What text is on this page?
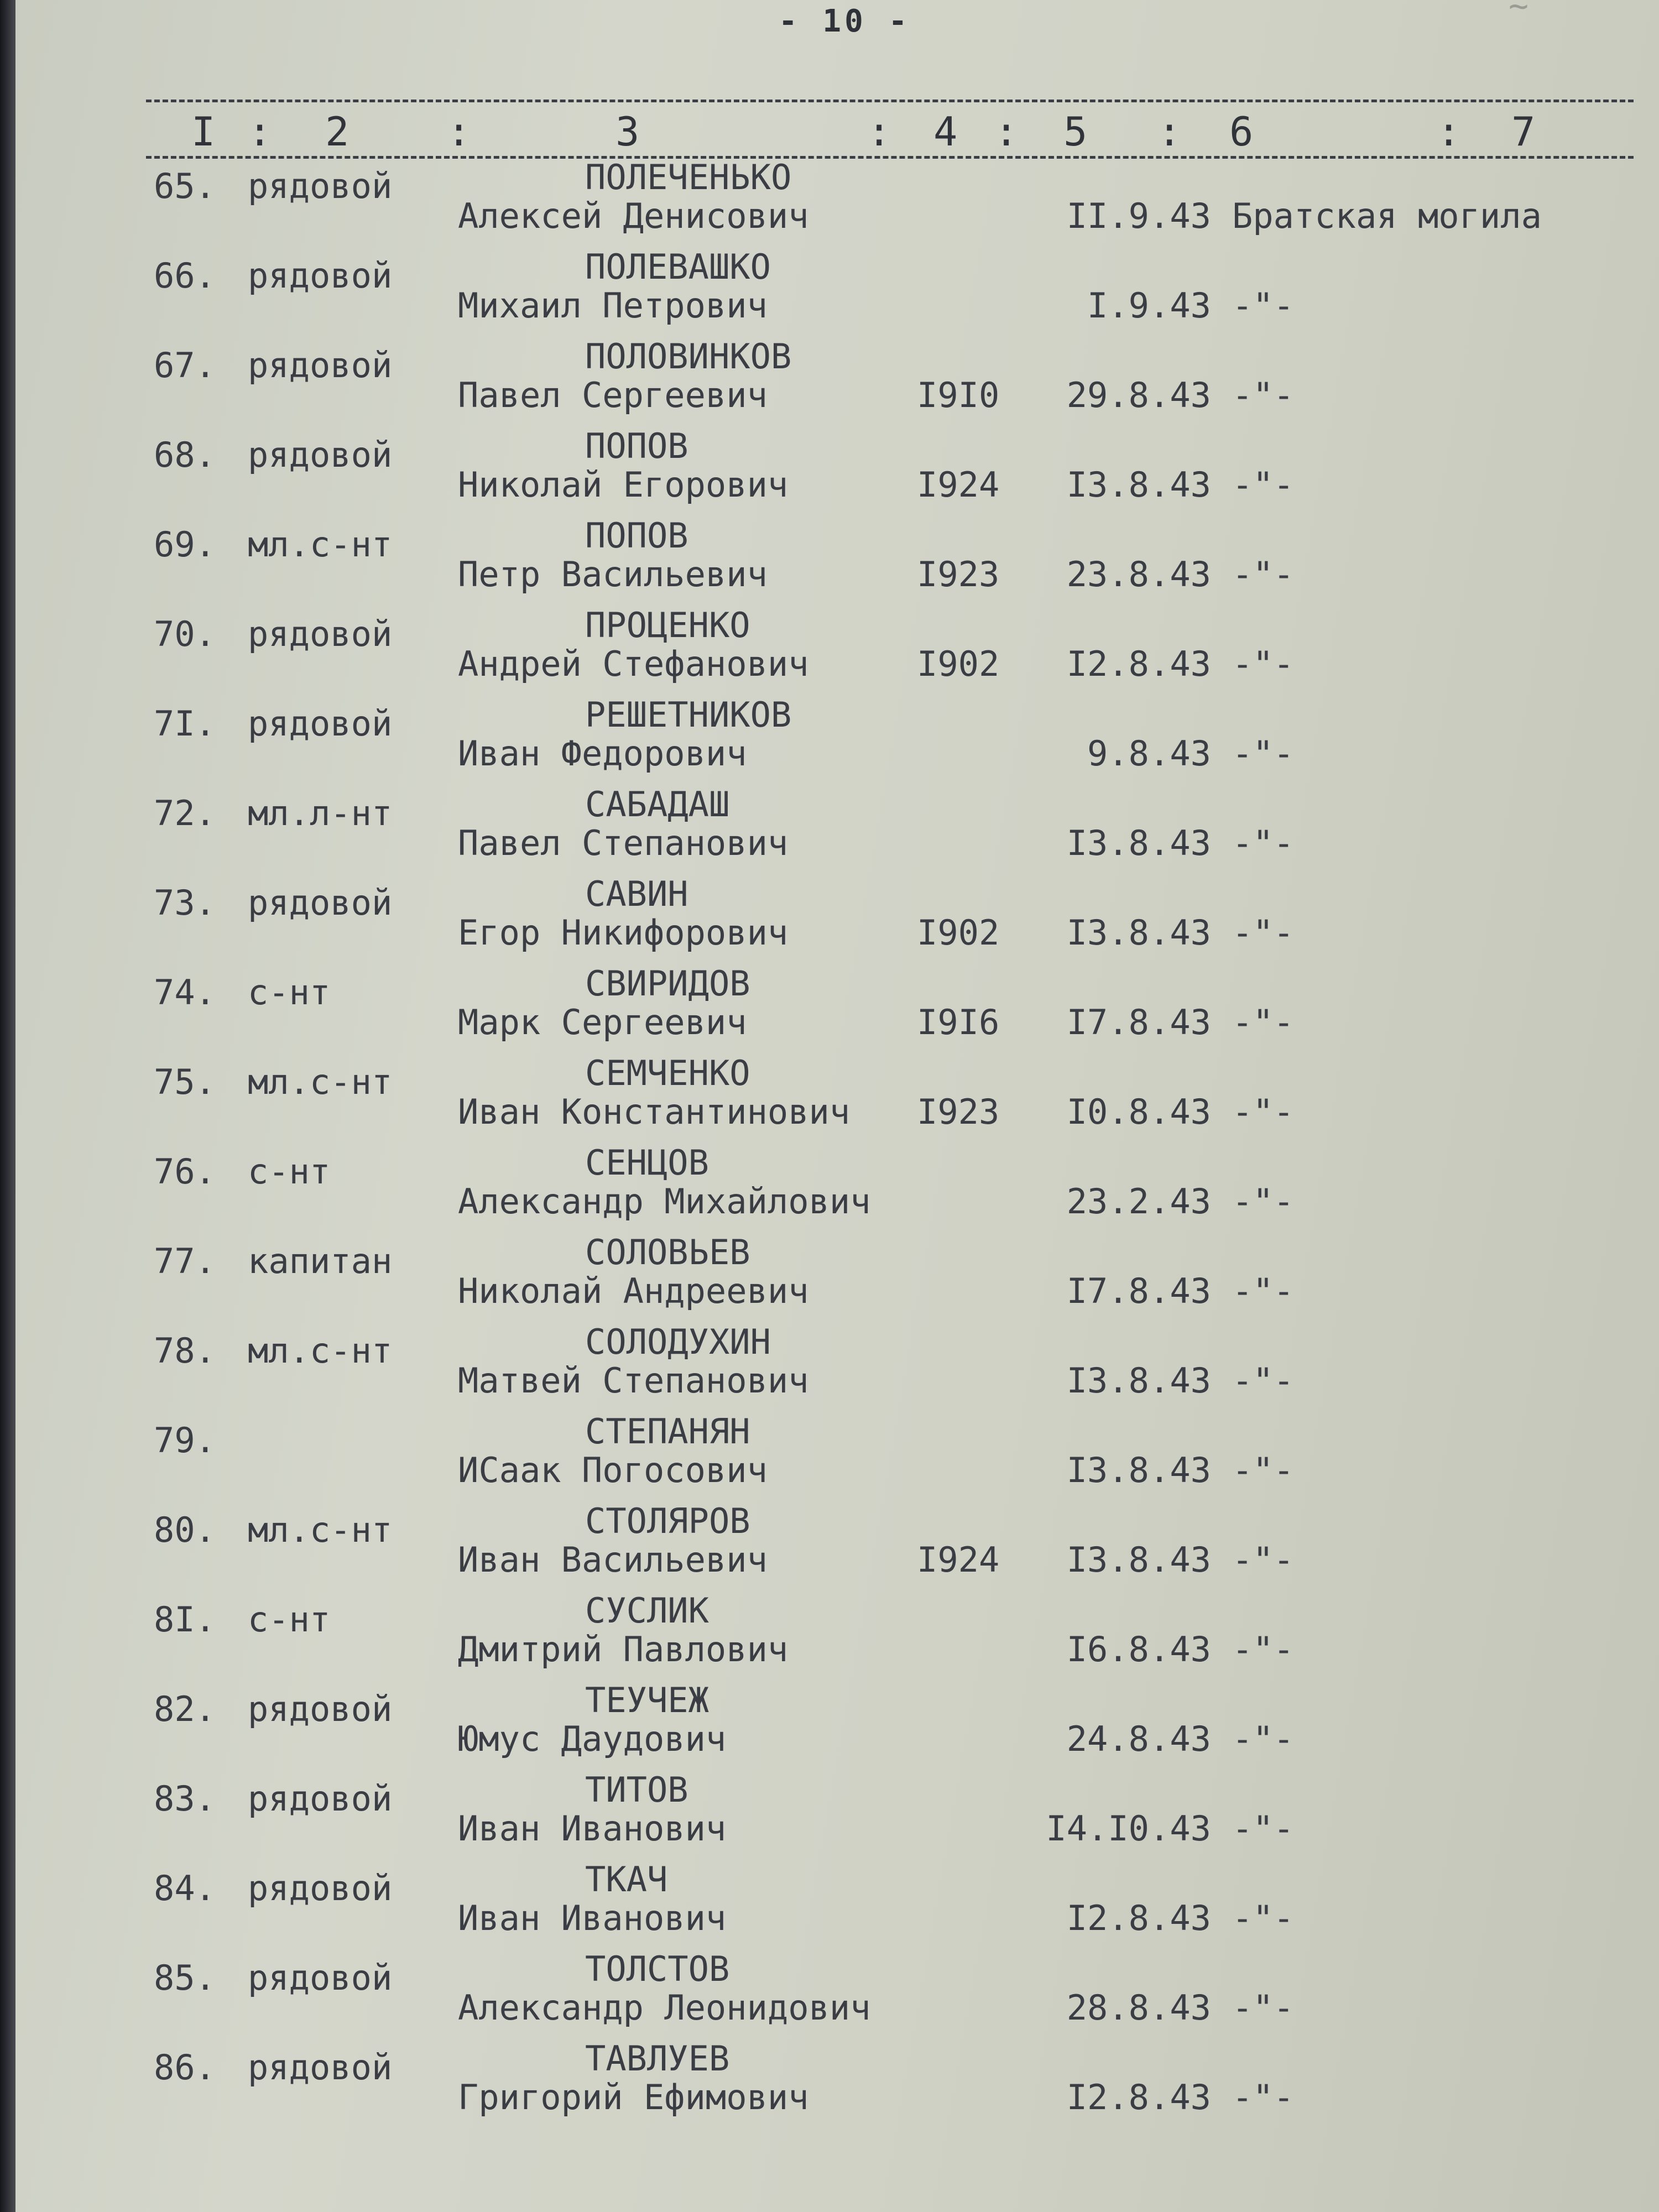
- 10 -	~
I : 2 :	3	: 4 : 5 : 6	: 7
65. рядовой	ПОЛЕЧЕНЬКО
Алексей Денисович	II.9.43 Братская могила
66. рядовой	ПОЛЕВАШКО
Михаил Петрович	I.9.43 -"-
67. рядовой	ПОЛОВИНКОВ
Павел Сергеевич	I9I0 29.8.43 -"-
68. рядовой	ПОПОВ
Николай Егорович	I924 I3.8.43 -"-
69. мл.с-нт	ПОПОВ
Петр Васильевич	I923 23.8.43 -"-
70. рядовой	ПРОЦЕНКО
Андрей Стефанович	I902 I2.8.43 -"-
7I. рядовой	РЕШЕТНИКОВ
Иван Федорович	9.8.43 -"-
72. мл.л-нт	САБАДАШ
Павел Степанович	I3.8.43 -"-
73. рядовой	САВИН
Егор Никифорович	I902 I3.8.43 -"-
74. с-нт	СВИРИДОВ
Марк Сергеевич	I9I6 I7.8.43 -"-
75. мл.с-нт	СЕМЧЕНКО
Иван Константинович I923 I0.8.43 -"-
76. с-нт	СЕНЦОВ
Александр Михайлович	23.2.43 -"-
77. капитан	СОЛОВЬЕВ
Николай Андреевич	I7.8.43 -"-
78. мл.с-нт	СОЛОДУХИН
Матвей Степанович	I3.8.43 -"-
79.	СТЕПАНЯН
ИСаак Погосович	I3.8.43 -"-
80. мл.с-нт	СТОЛЯРОВ
Иван Васильевич	I924 I3.8.43 -"-
8I. с-нт	СУСЛИК
Дмитрий Павлович	I6.8.43 -"-
82. рядовой	ТЕУЧЕЖ
Юмус Даудович	24.8.43 -"-
83. рядовой	ТИТОВ
Иван Иванович	I4.I0.43 -"-
84. рядовой	ТКАЧ
Иван Иванович	I2.8.43 -"-
85. рядовой	ТОЛСТОВ
Александр Леонидович	28.8.43 -"-
86. рядовой	ТАВЛУЕВ
Григорий Ефимович	I2.8.43 -"-
